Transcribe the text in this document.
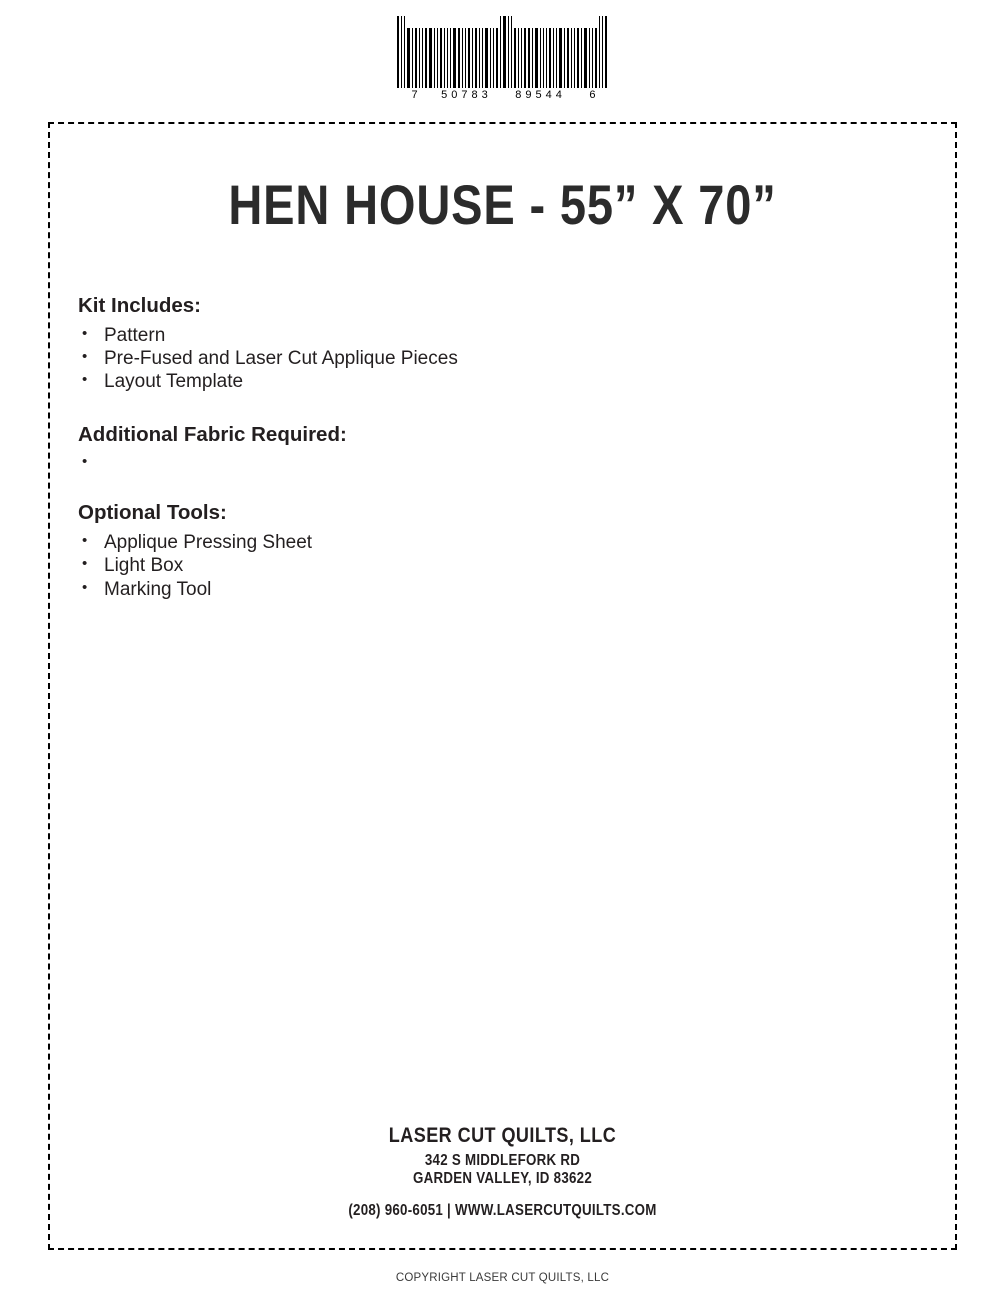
7 50783 89544 6
HEN HOUSE - 55” X 70”
Kit Includes:
• Pattern
• Pre-Fused and Laser Cut Applique Pieces
• Layout Template
Additional Fabric Required:
•
Optional Tools:
• Applique Pressing Sheet
• Light Box
• Marking Tool
LASER CUT QUILTS, LLC
342 S MIDDLEFORK RD
GARDEN VALLEY, ID 83622
(208) 960-6051 | WWW.LASERCUTQUILTS.COM
COPYRIGHT LASER CUT QUILTS, LLC
